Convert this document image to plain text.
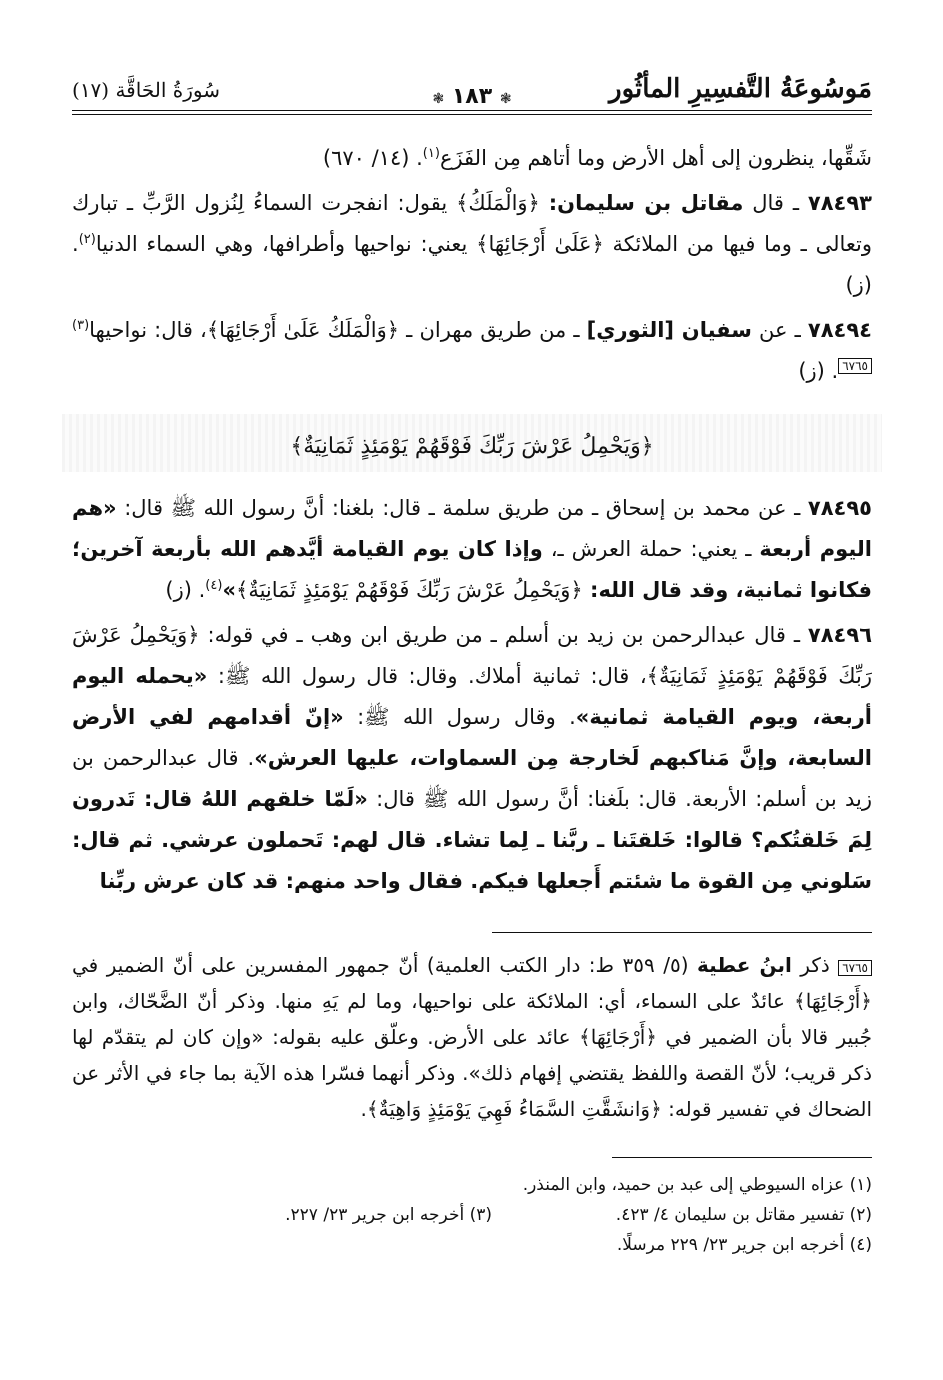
مَوسُوعَةُ التَّفسِيرِ المأثُور
❃ ١٨٣ ❃
سُورَةُ الحَاقَّة (١٧)

شَقِّها، ينظرون إلى أهل الأرض وما أتاهم مِن الفَزَع$^{(١)}$. (١٤/ ٦٧٠)

٧٨٤٩٣ ـ قال مقاتل بن سليمان: ﴿وَالْمَلَكُ﴾ يقول: انفجرت السماءُ لِنُزول الرَّبِّ ـ تبارك وتعالى ـ وما فيها من الملائكة ﴿عَلَىٰ أَرْجَائِهَا﴾ يعني: نواحيها وأطرافها، وهي السماء الدنيا$^{(٢)}$. (ز)

٧٨٤٩٤ ـ عن سفيان [الثوري] ـ من طريق مهران ـ ﴿وَالْمَلَكُ عَلَىٰ أَرْجَائِهَا﴾، قال: نواحيها$^{(٣)}$٦٧٦٥. (ز)

﴿وَيَحْمِلُ عَرْشَ رَبِّكَ فَوْقَهُمْ يَوْمَئِذٍ ثَمَانِيَةٌ﴾

٧٨٤٩٥ ـ عن محمد بن إسحاق ـ من طريق سلمة ـ قال: بلغنا: أنَّ رسول الله ﷺ قال: «هم اليوم أربعة ـ يعني: حملة العرش ـ، وإذا كان يوم القيامة أيَّدهم الله بأربعة آخرين؛ فكانوا ثمانية، وقد قال الله: ﴿وَيَحْمِلُ عَرْشَ رَبِّكَ فَوْقَهُمْ يَوْمَئِذٍ ثَمَانِيَةٌ﴾»$^{(٤)}$. (ز)

٧٨٤٩٦ ـ قال عبدالرحمن بن زيد بن أسلم ـ من طريق ابن وهب ـ في قوله: ﴿وَيَحْمِلُ عَرْشَ رَبِّكَ فَوْقَهُمْ يَوْمَئِذٍ ثَمَانِيَةٌ﴾، قال: ثمانية أملاك. وقال: قال رسول الله ﷺ: «يحمله اليوم أربعة، ويوم القيامة ثمانية». وقال رسول الله ﷺ: «إنّ أقدامهم لفي الأرض السابعة، وإنَّ مَناكبهم لَخارجة مِن السماوات، عليها العرش». قال عبدالرحمن بن زيد بن أسلم: الأربعة. قال: بلَغنا: أنَّ رسول الله ﷺ قال: «لَمّا خلقهم اللهُ قال: تَدرون لِمَ خَلقتُكم؟ قالوا: خَلقتَنا ـ ربَّنا ـ لِما تشاء. قال لهم: تَحملون عرشي. ثم قال: سَلوني مِن القوة ما شئتم أَجعلها فيكم. فقال واحد منهم: قد كان عرش ربِّنا

٦٧٦٥ ذكر ابنُ عطية (٥/ ٣٥٩ ط: دار الكتب العلمية) أنّ جمهور المفسرين على أنّ الضمير في ﴿أَرْجَائِهَا﴾ عائدٌ على السماء، أي: الملائكة على نواحيها، وما لم يَهِ منها. وذكر أنّ الضَّحّاك، وابن جُبير قالا بأن الضمير في ﴿أَرْجَائِهَا﴾ عائد على الأرض. وعلّق عليه بقوله: «وإن كان لم يتقدّم لها ذكر قريب؛ لأنّ القصة واللفظ يقتضي إفهام ذلك». وذكر أنهما فسّرا هذه الآية بما جاء في الأثر عن الضحاك في تفسير قوله: ﴿وَانشَقَّتِ السَّمَاءُ فَهِيَ يَوْمَئِذٍ وَاهِيَةٌ﴾.
(١) عزاه السيوطي إلى عبد بن حميد، وابن المنذر.
(٢) تفسير مقاتل بن سليمان ٤/ ٤٢٣.
(٣) أخرجه ابن جرير ٢٣/ ٢٢٧.
(٤) أخرجه ابن جرير ٢٣/ ٢٢٩ مرسلًا.
